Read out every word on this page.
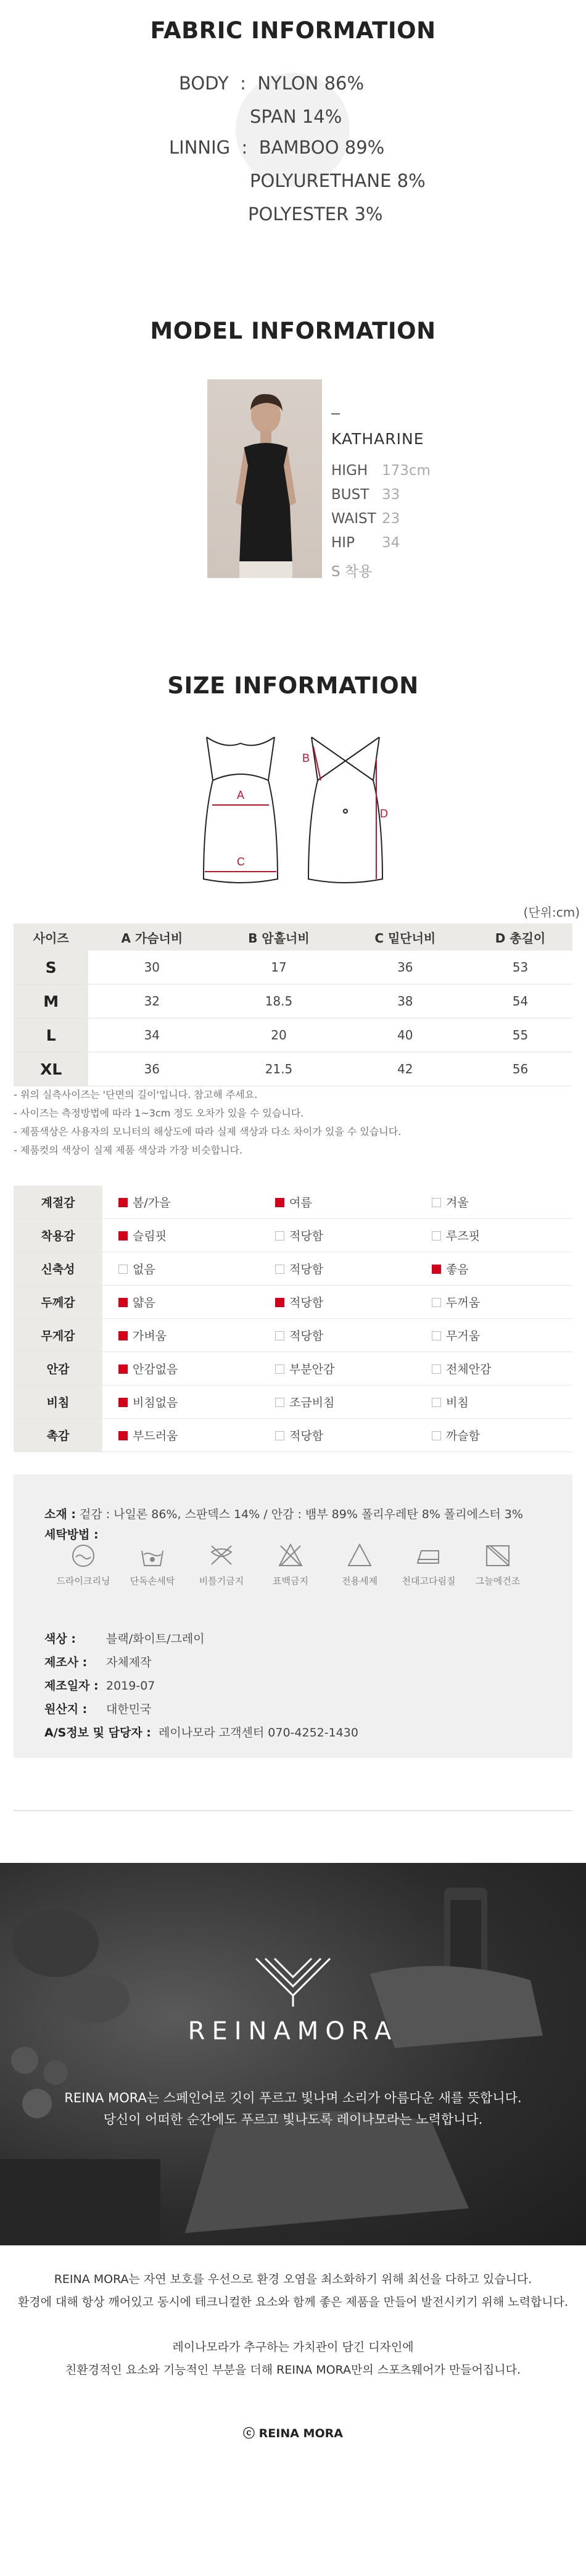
FABRIC INFORMATION
BODY  :  NYLON 86%
SPAN 14%
LINNIG  :  BAMBOO 89%
POLYURETHANE 8%
POLYESTER 3%
MODEL INFORMATION
KATHARINE
HIGH 173cm
BUST 33
WAIST 23
HIP 34
S 착용
SIZE INFORMATION
A
C
B
D
(단위:cm)
사이즈	A 가슴너비	B 암홀너비	C 밑단너비	D 총길이
S	30	17	36	53
M	32	18.5	38	54
L	34	20	40	55
XL	36	21.5	42	56
- 위의 실측사이즈는 '단면의 길이'입니다. 참고해 주세요.
- 사이즈는 측정방법에 따라 1~3cm 정도 오차가 있을 수 있습니다.
- 제품색상은 사용자의 모니터의 해상도에 따라 실제 색상과 다소 차이가 있을 수 있습니다.
- 제품컷의 색상이 실제 제품 색상과 가장 비슷합니다.
계절감	봄/가을	여름	겨울
착용감	슬림핏	적당함	루즈핏
신축성	없음	적당함	좋음
두께감	얇음	적당함	두꺼움
무게감	가벼움	적당함	무거움
안감	안감없음	부분안감	전체안감
비침	비침없음	조금비침	비침
촉감	부드러움	적당함	까슬함
소재 : 겉감 : 나일론 86%, 스판덱스 14% / 안감 : 뱀부 89% 폴리우레탄 8% 폴리에스터 3%
세탁방법 :
드라이크리닝	단독손세탁	비틀기금지	표백금지	전용세제	천대고다림질	그늘에건조
색상 :	블랙/화이트/그레이
제조사 : 자체제작
제조일자 : 2019-07
원산지 : 대한민국
A/S정보 및 담당자 : 레이나모라 고객센터 070-4252-1430
REINAMORA
REINA MORA는 스페인어로 깃이 푸르고 빛나며 소리가 아름다운 새를 뜻합니다.
당신이 어떠한 순간에도 푸르고 빛나도록 레이나모라는 노력합니다.
REINA MORA는 자연 보호를 우선으로 환경 오염을 최소화하기 위해 최선을 다하고 있습니다.
환경에 대해 항상 깨어있고 동시에 테크니컬한 요소와 함께 좋은 제품을 만들어 발전시키기 위해 노력합니다.
레이나모라가 추구하는 가치관이 담긴 디자인에
친환경적인 요소와 기능적인 부분을 더해 REINA MORA만의 스포츠웨어가 만들어집니다.
ⓒ REINA MORA
